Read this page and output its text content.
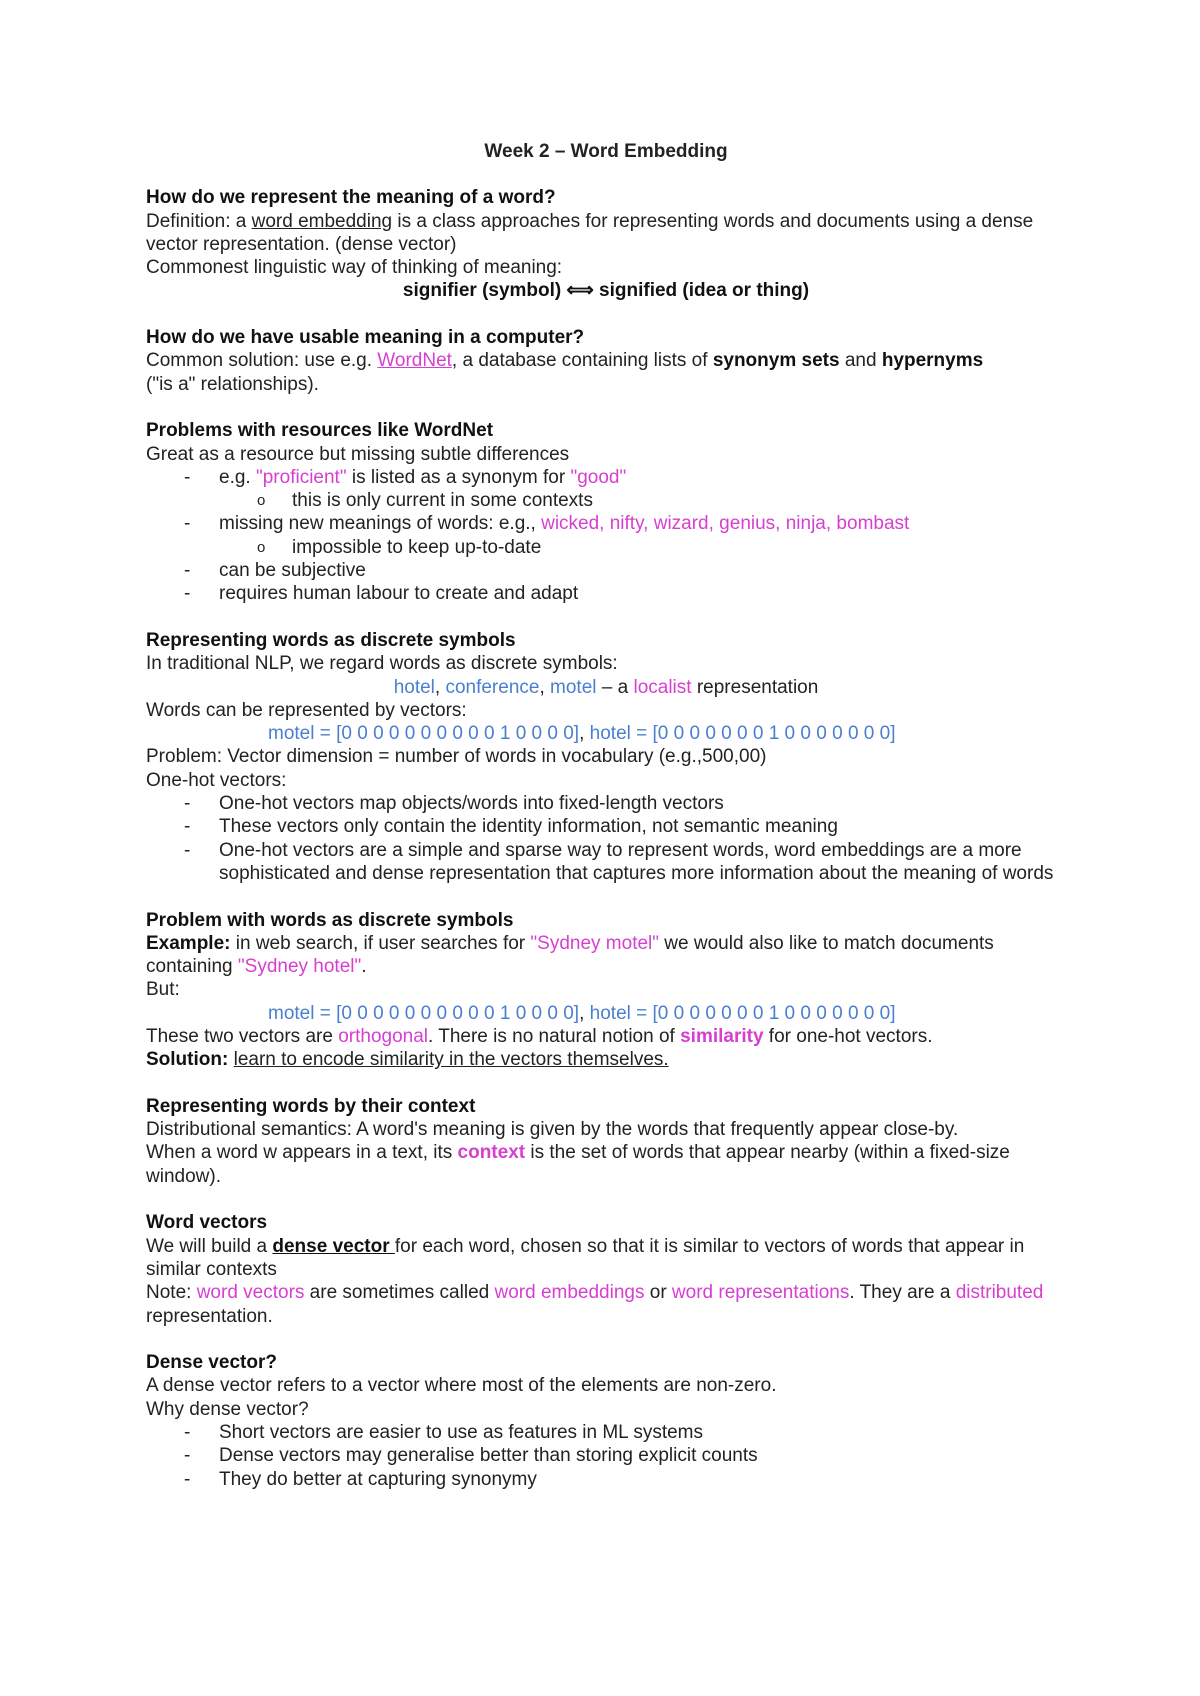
Week 2 – Word Embedding
How do we represent the meaning of a word?
Definition: a word embedding is a class approaches for representing words and documents using a dense vector representation. (dense vector)
Commonest linguistic way of thinking of meaning:
signifier (symbol) ⟺ signified (idea or thing)
How do we have usable meaning in a computer?
Common solution: use e.g. WordNet, a database containing lists of synonym sets and hypernyms
("is a" relationships).
Problems with resources like WordNet
Great as a resource but missing subtle differences
- e.g. "proficient" is listed as a synonym for "good"
o this is only current in some contexts
- missing new meanings of words: e.g., wicked, nifty, wizard, genius, ninja, bombast
o impossible to keep up-to-date
- can be subjective
- requires human labour to create and adapt
Representing words as discrete symbols
In traditional NLP, we regard words as discrete symbols:
hotel, conference, motel – a localist representation
Words can be represented by vectors:
motel = [0 0 0 0 0 0 0 0 0 0 1 0 0 0 0], hotel = [0 0 0 0 0 0 0 1 0 0 0 0 0 0 0]
Problem: Vector dimension = number of words in vocabulary (e.g.,500,00)
One-hot vectors:
- One-hot vectors map objects/words into fixed-length vectors
- These vectors only contain the identity information, not semantic meaning
- One-hot vectors are a simple and sparse way to represent words, word embeddings are a more sophisticated and dense representation that captures more information about the meaning of words
Problem with words as discrete symbols
Example: in web search, if user searches for "Sydney motel" we would also like to match documents containing "Sydney hotel".
But:
motel = [0 0 0 0 0 0 0 0 0 0 1 0 0 0 0], hotel = [0 0 0 0 0 0 0 1 0 0 0 0 0 0 0]
These two vectors are orthogonal. There is no natural notion of similarity for one-hot vectors.
Solution: learn to encode similarity in the vectors themselves.
Representing words by their context
Distributional semantics: A word's meaning is given by the words that frequently appear close-by.
When a word w appears in a text, its context is the set of words that appear nearby (within a fixed-size window).
Word vectors
We will build a dense vector for each word, chosen so that it is similar to vectors of words that appear in similar contexts
Note: word vectors are sometimes called word embeddings or word representations. They are a distributed representation.
Dense vector?
A dense vector refers to a vector where most of the elements are non-zero.
Why dense vector?
- Short vectors are easier to use as features in ML systems
- Dense vectors may generalise better than storing explicit counts
- They do better at capturing synonymy
